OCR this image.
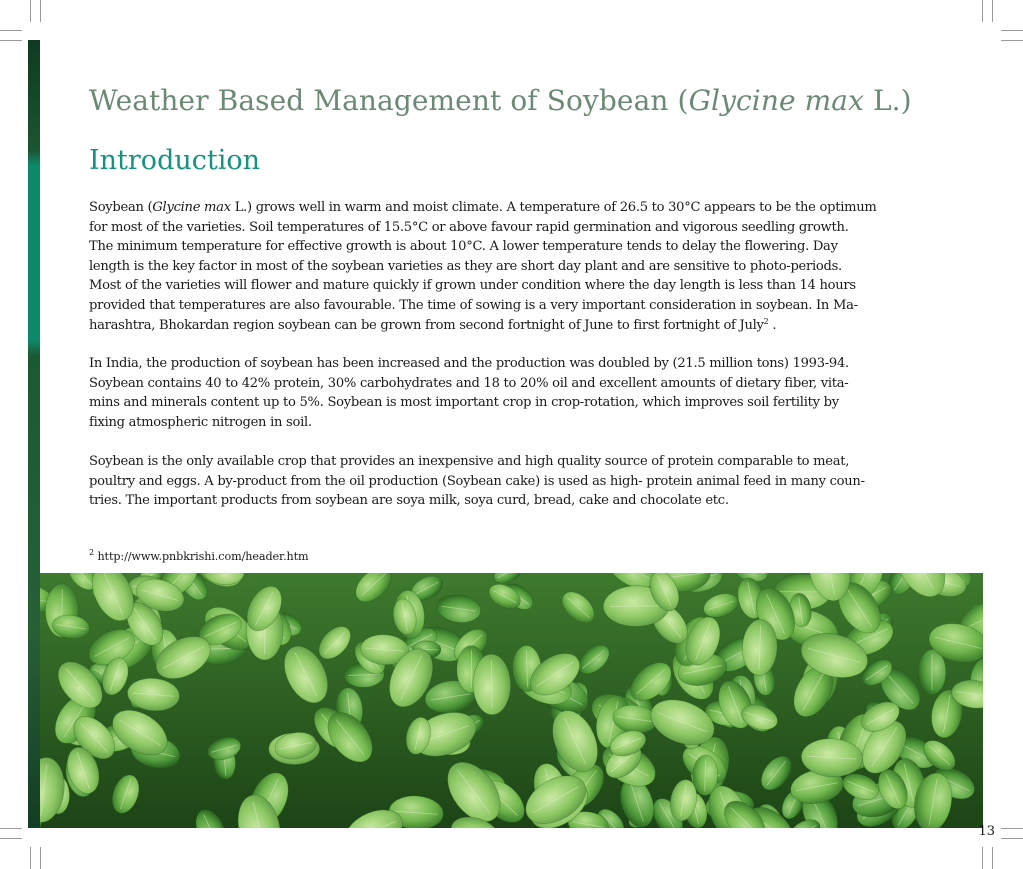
Weather Based Management of Soybean (Glycine max L.)
Introduction
Soybean (Glycine max L.) grows well in warm and moist climate. A temperature of 26.5 to 30°C appears to be the optimum
for most of the varieties. Soil temperatures of 15.5°C or above favour rapid germination and vigorous seedling growth.
The minimum temperature for effective growth is about 10°C. A lower temperature tends to delay the flowering. Day
length is the key factor in most of the soybean varieties as they are short day plant and are sensitive to photo-periods.
Most of the varieties will flower and mature quickly if grown under condition where the day length is less than 14 hours
provided that temperatures are also favourable. The time of sowing is a very important consideration in soybean. In Ma-
harashtra, Bhokardan region soybean can be grown from second fortnight of June to first fortnight of July$^2$ .
In India, the production of soybean has been increased and the production was doubled by (21.5 million tons) 1993-94.
Soybean contains 40 to 42% protein, 30% carbohydrates and 18 to 20% oil and excellent amounts of dietary fiber, vita-
mins and minerals content up to 5%. Soybean is most important crop in crop-rotation, which improves soil fertility by
fixing atmospheric nitrogen in soil.
Soybean is the only available crop that provides an inexpensive and high quality source of protein comparable to meat,
poultry and eggs. A by-product from the oil production (Soybean cake) is used as high- protein animal feed in many coun-
tries. The important products from soybean are soya milk, soya curd, bread, cake and chocolate etc.

$^2$ http://www.pnbkrishi.com/header.htm

13
